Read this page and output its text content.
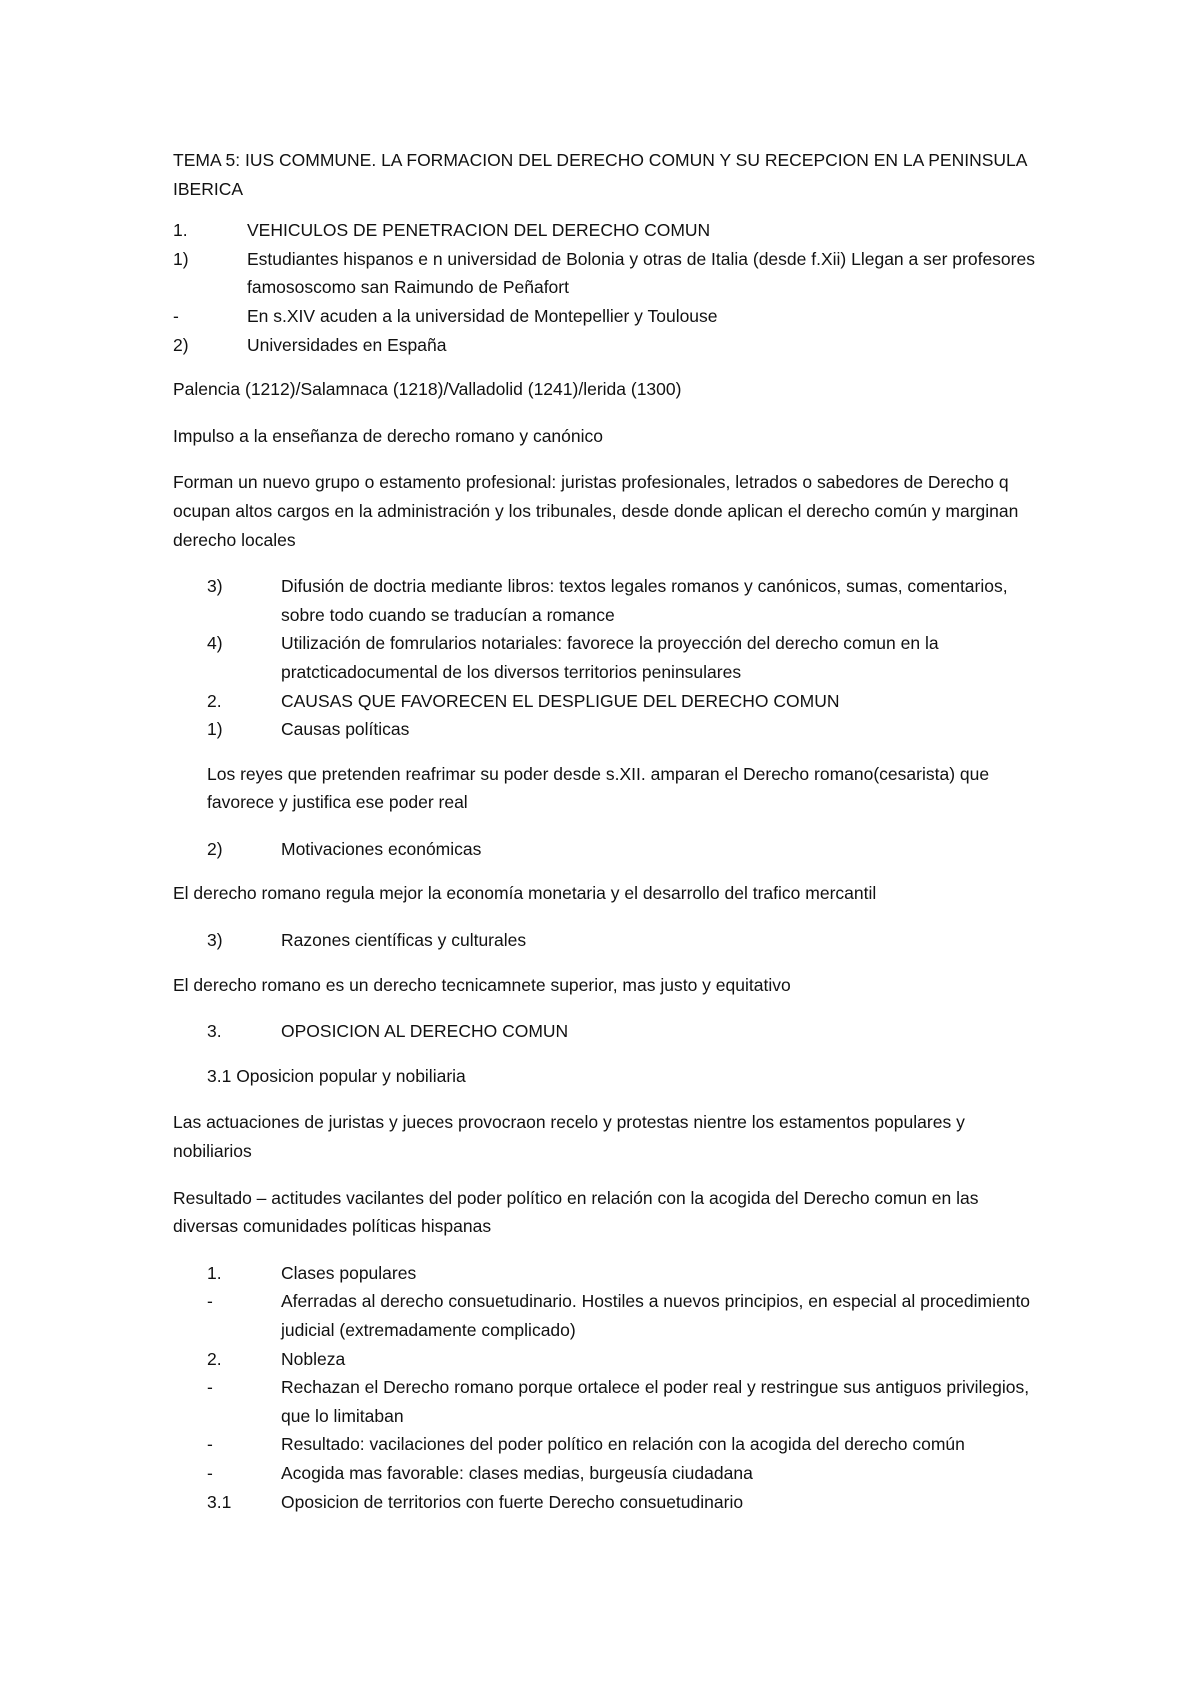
TEMA 5: IUS COMMUNE. LA FORMACION DEL DERECHO COMUN Y SU RECEPCION EN LA PENINSULA IBERICA

1.	VEHICULOS DE PENETRACION DEL DERECHO COMUN
1)	Estudiantes hispanos e n universidad de Bolonia y otras de Italia (desde f.Xii) Llegan a ser profesores famososcomo san Raimundo de Peñafort
-	En s.XIV acuden a la universidad de Montepellier y Toulouse
2)	Universidades en España

Palencia (1212)/Salamnaca (1218)/Valladolid (1241)/lerida (1300)

Impulso a la enseñanza de derecho romano y canónico

Forman un nuevo grupo o estamento profesional: juristas profesionales, letrados o sabedores de Derecho q ocupan altos cargos en la administración y los tribunales, desde donde aplican el derecho común y marginan derecho locales

3)	Difusión de doctria mediante libros: textos legales romanos y canónicos, sumas, comentarios, sobre todo cuando se traducían a romance
4)	Utilización de fomrularios notariales: favorece la proyección del derecho comun en la pratcticadocumental de los diversos territorios peninsulares
2.	CAUSAS QUE FAVORECEN EL DESPLIGUE DEL DERECHO COMUN
1)	Causas políticas

Los reyes que pretenden reafrimar su poder desde s.XII. amparan el Derecho romano(cesarista) que favorece y justifica ese poder real

2)	Motivaciones económicas

El derecho romano regula mejor la economía monetaria y el desarrollo del trafico mercantil

3)	Razones científicas y culturales

El derecho romano es un derecho tecnicamnete superior, mas justo y equitativo

3.	OPOSICION AL DERECHO COMUN

3.1 Oposicion popular y nobiliaria

Las actuaciones de juristas y jueces provocraon recelo y protestas nientre los estamentos populares y nobiliarios

Resultado – actitudes vacilantes del poder político en relación con la acogida del Derecho comun en las diversas comunidades políticas hispanas

1.	Clases populares
-	Aferradas al derecho consuetudinario. Hostiles a nuevos principios, en especial al procedimiento judicial (extremadamente complicado)
2.	Nobleza
-	Rechazan el Derecho romano porque ortalece el poder real y restringue sus antiguos privilegios, que lo limitaban
-	Resultado: vacilaciones del poder político en relación con la acogida del derecho común
-	Acogida mas favorable: clases medias, burgeusía ciudadana
3.1	Oposicion de territorios con fuerte Derecho consuetudinario
